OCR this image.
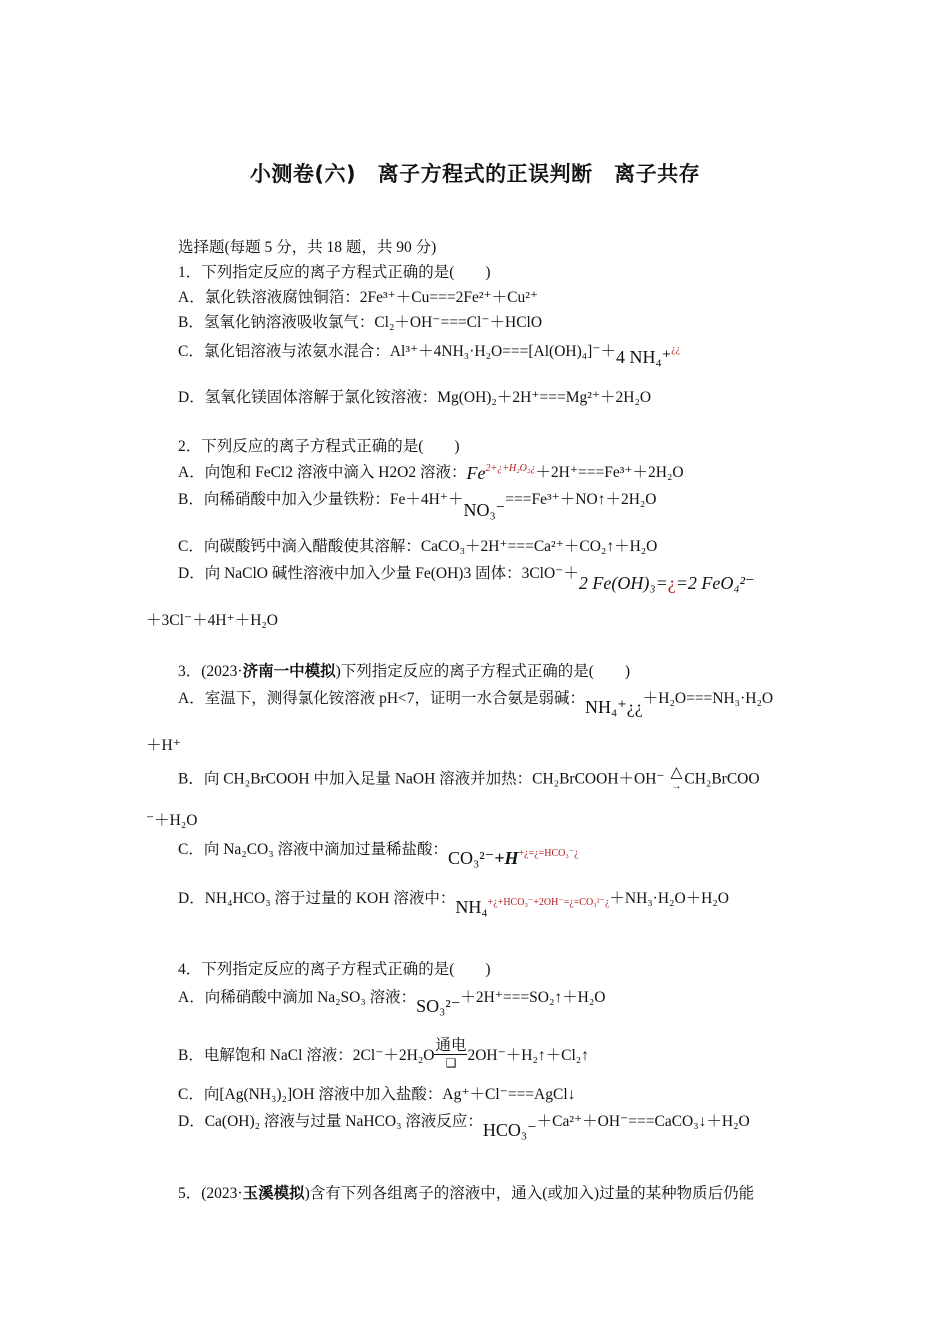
小测卷(六)　离子方程式的正误判断　离子共存
选择题(每题 5 分，共 18 题，共 90 分)
1．下列指定反应的离子方程式正确的是(　　)
A．氯化铁溶液腐蚀铜箔：2Fe³⁺＋Cu===2Fe²⁺＋Cu²⁺
B．氢氧化钠溶液吸收氯气：Cl₂＋OH⁻===Cl⁻＋HClO
C．氯化铝溶液与浓氨水混合：Al³⁺＋4NH₃·H₂O===[Al(OH)₄]⁻＋4 NH₄⁺¿¿
D．氢氧化镁固体溶解于氯化铵溶液：Mg(OH)₂＋2H⁺===Mg²⁺＋2H₂O
2．下列反应的离子方程式正确的是(　　)
A．向饱和 FeCl2 溶液中滴入 H2O2 溶液：$Fe^{2+¿+H_2O_2¿}+2H^+===Fe^{3+}+2H_2O$
B．向稀硝酸中加入少量铁粉：Fe＋4H⁺＋NO₃⁻===Fe³⁺＋NO↑＋2H₂O
C．向碳酸钙中滴入醋酸使其溶解：CaCO₃＋2H⁺===Ca²⁺＋CO₂↑＋H₂O
D．向 NaClO 碱性溶液中加入少量 Fe(OH)3 固体：3ClO⁻＋2 Fe(OH)₃=¿=2 FeO₄²⁻
＋3Cl⁻＋4H⁺＋H₂O
3．(2023·济南一中模拟)下列指定反应的离子方程式正确的是(　　)
A．室温下，测得氯化铵溶液 pH<7，证明一水合氨是弱碱：NH₄⁺¿¿＋H₂O===NH₃·H₂O
＋H⁺
B．向 CH₂BrCOOH 中加入足量 NaOH 溶液并加热：CH₂BrCOOH＋OH⁻ △
→ CH₂BrCOO
⁻＋H₂O
C．向 Na₂CO₃ 溶液中滴加过量稀盐酸：CO₃²⁻+H+¿=¿=HCO₃⁻¿
D．NH₄HCO₃ 溶于过量的 KOH 溶液中：NH₄+¿+HCO₃⁻+2OH⁻=¿=CO₃²⁻¿＋NH₃·H₂O＋H₂O
4．下列指定反应的离子方程式正确的是(　　)
A．向稀硝酸中滴加 Na₂SO₃ 溶液：SO₃²⁻＋2H⁺===SO₂↑＋H₂O
B．电解饱和 NaCl 溶液：$2Cl^-+2H_2O \frac{\text{通电}}{❑}$ 2OH⁻＋H₂↑＋Cl₂↑
C．向[Ag(NH₃)₂]OH 溶液中加入盐酸：Ag⁺＋Cl⁻===AgCl↓
D．Ca(OH)₂ 溶液与过量 NaHCO₃ 溶液反应：HCO₃⁻＋Ca²⁺＋OH⁻===CaCO₃↓＋H₂O
5．(2023·玉溪模拟)含有下列各组离子的溶液中，通入(或加入)过量的某种物质后仍能
